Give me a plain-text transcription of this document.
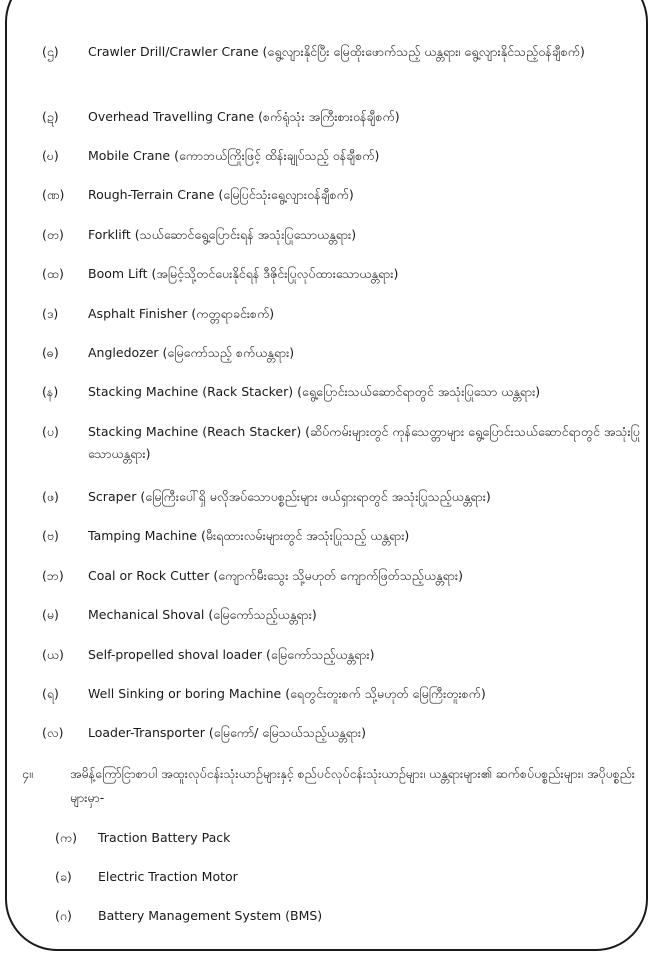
(ဌ)	Crawler Drill/Crawler Crane (ရွေ့လျားနိုင်ပြီး မြေထိုးဖောက်သည့် ယန္တရား၊ ရွေ့လျားနိုင်သည့်ဝန်ချီစက်)
(ဍ)	Overhead Travelling Crane (စက်ရုံသုံး အကြီးစားဝန်ချီစက်)
(ဎ)	Mobile Crane (ကောဘယ်ကြိုးဖြင့် ထိန်းချုပ်သည့် ဝန်ချီစက်)
(ဏ)	Rough-Terrain Crane (မြေပြင်သုံးရွေ့လျားဝန်ချီစက်)
(တ)	Forklift (သယ်ဆောင်ရွေ့ပြောင်းရန် အသုံးပြုသောယန္တရား)
(ထ)	Boom Lift (အမြင့်သို့တင်ပေးနိုင်ရန် ဒီဇိုင်းပြုလုပ်ထားသောယန္တရား)
(ဒ)	Asphalt Finisher (ကတ္တရာခင်းစက်)
(ဓ)	Angledozer (မြေကော်သည့် စက်ယန္တရား)
(န)	Stacking Machine (Rack Stacker) (ရွေ့ပြောင်းသယ်ဆောင်ရာတွင် အသုံးပြုသော ယန္တရား)
(ပ)	Stacking Machine (Reach Stacker) (ဆိပ်ကမ်းများတွင် ကုန်သေတ္တာများ ရွေ့ပြောင်းသယ်ဆောင်ရာတွင် အသုံးပြုသောယန္တရား)
(ဖ)	Scraper (မြေကြီးပေါ်ရှိ မလိုအပ်သောပစ္စည်းများ ဖယ်ရှားရာတွင် အသုံးပြုသည့်ယန္တရား)
(ဗ)	Tamping Machine (မီးရထားလမ်းများတွင် အသုံးပြုသည့် ယန္တရား)
(ဘ)	Coal or Rock Cutter (ကျောက်မီးသွေး သို့မဟုတ် ကျောက်ဖြတ်သည့်ယန္တရား)
(မ)	Mechanical Shoval (မြေကော်သည့်ယန္တရား)
(ယ)	Self-propelled shoval loader (မြေကော်သည့်ယန္တရား)
(ရ)	Well Sinking or boring Machine (ရေတွင်းတူးစက် သို့မဟုတ် မြေကြီးတူးစက်)
(လ)	Loader-Transporter (မြေကော်/ မြေသယ်သည့်ယန္တရား)
၄။	အမိန့်ကြော်ငြာစာပါ အထူးလုပ်ငန်းသုံးယာဉ်များနှင့် စည်ပင်လုပ်ငန်းသုံးယာဉ်များ၊ ယန္တရားများ၏ ဆက်စပ်ပစ္စည်းများ၊ အပိုပစ္စည်းများမှာ-
(က)	Traction Battery Pack
(ခ)	Electric Traction Motor
(ဂ)	Battery Management System (BMS)
